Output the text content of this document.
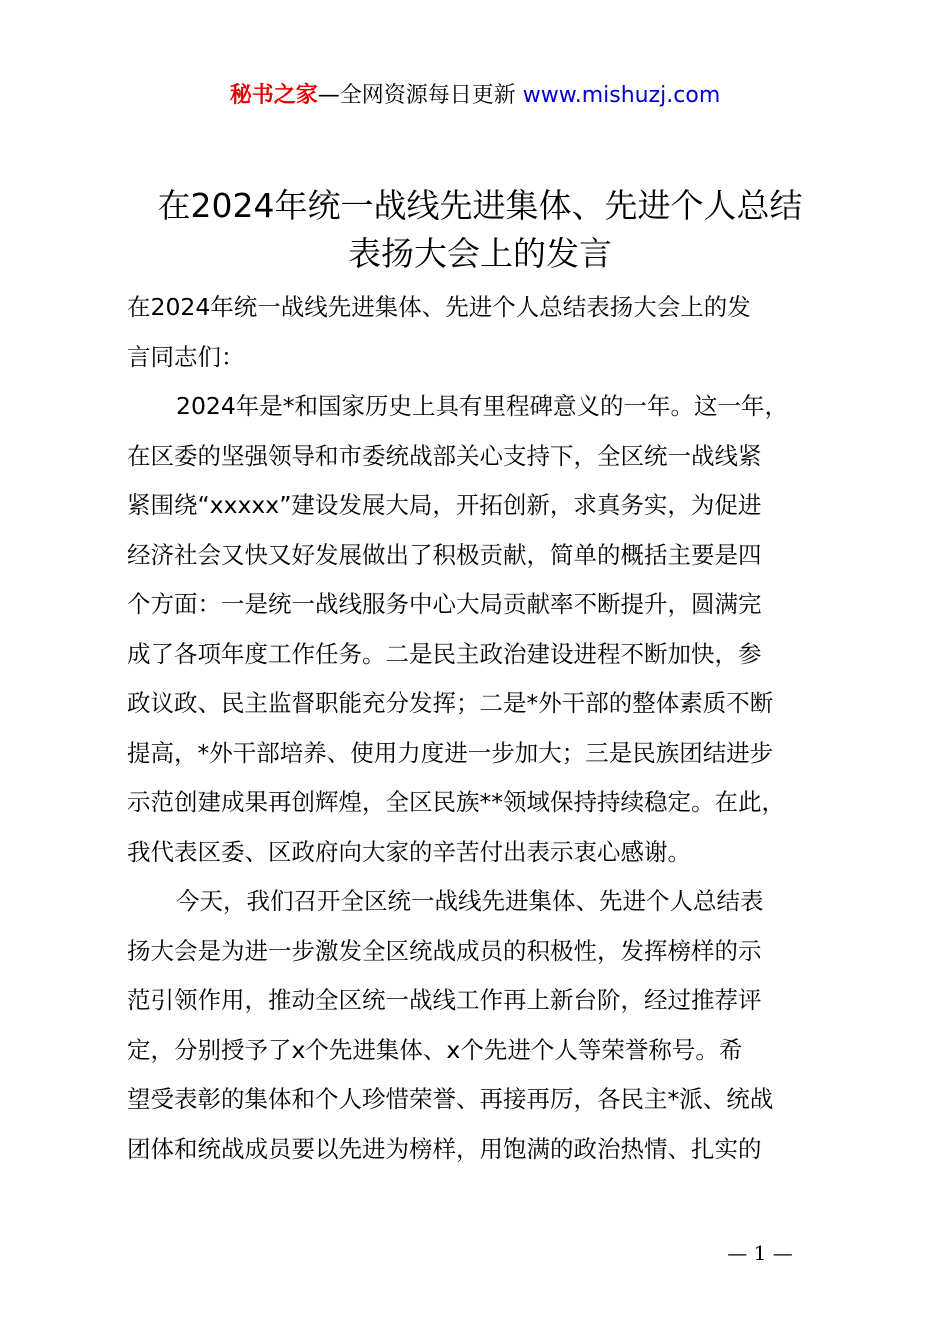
秘书之家—全网资源每日更新 www.mishuzj.com
在2024年统一战线先进集体、先进个人总结
表扬大会上的发言
在2024年统一战线先进集体、先进个人总结表扬大会上的发
言同志们：
2024年是*和国家历史上具有里程碑意义的一年。这一年，
在区委的坚强领导和市委统战部关心支持下，全区统一战线紧
紧围绕“xxxxx”建设发展大局，开拓创新，求真务实，为促进
经济社会又快又好发展做出了积极贡献，简单的概括主要是四
个方面：一是统一战线服务中心大局贡献率不断提升，圆满完
成了各项年度工作任务。二是民主政治建设进程不断加快，参
政议政、民主监督职能充分发挥；二是*外干部的整体素质不断
提高，*外干部培养、使用力度进一步加大；三是民族团结进步
示范创建成果再创辉煌，全区民族**领域保持持续稳定。在此，
我代表区委、区政府向大家的辛苦付出表示衷心感谢。
今天，我们召开全区统一战线先进集体、先进个人总结表
扬大会是为进一步激发全区统战成员的积极性，发挥榜样的示
范引领作用，推动全区统一战线工作再上新台阶，经过推荐评
定，分别授予了x个先进集体、x个先进个人等荣誉称号。希
望受表彰的集体和个人珍惜荣誉、再接再厉，各民主*派、统战
团体和统战成员要以先进为榜样，用饱满的政治热情、扎实的
— 1 —
